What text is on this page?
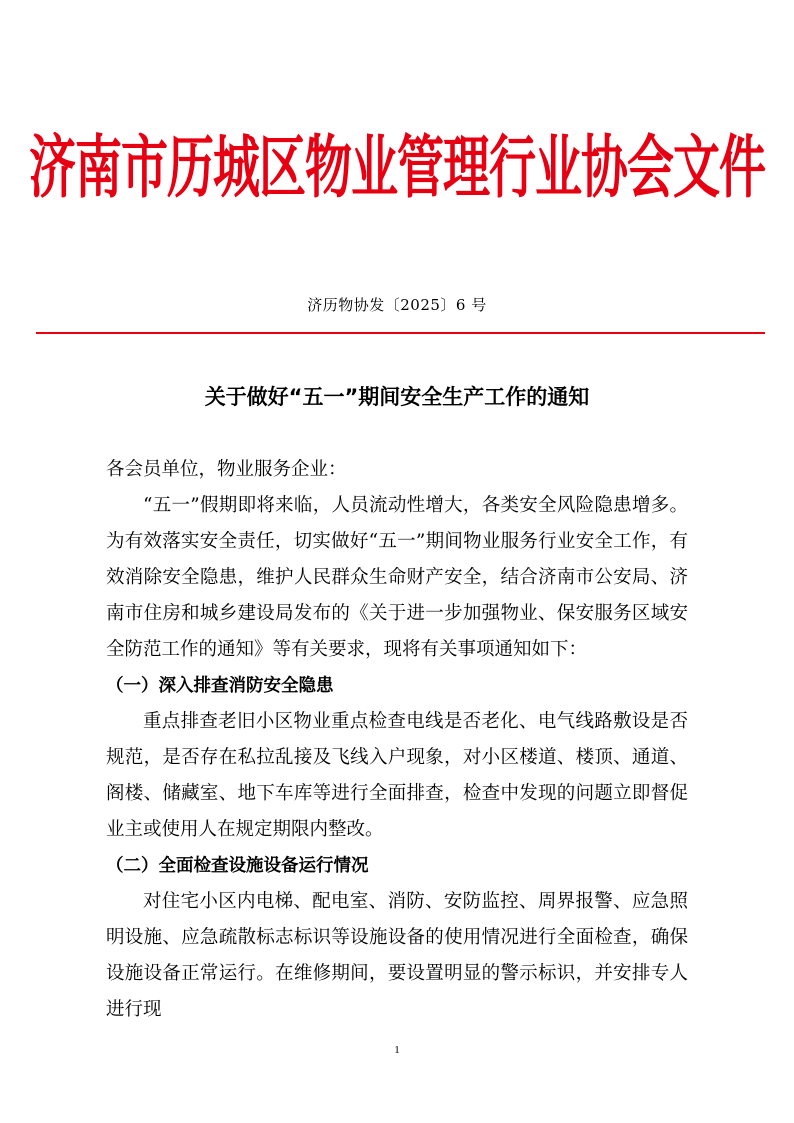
济南市历城区物业管理行业协会文件
济历物协发〔2025〕6 号
关于做好“五一”期间安全生产工作的通知

各会员单位，物业服务企业：

“五一”假期即将来临，人员流动性增大，各类安全风险隐患增多。为有效落实安全责任，切实做好“五一”期间物业服务行业安全工作，有效消除安全隐患，维护人民群众生命财产安全，结合济南市公安局、济南市住房和城乡建设局发布的《关于进一步加强物业、保安服务区域安全防范工作的通知》等有关要求，现将有关事项通知如下：

（一）深入排查消防安全隐患

重点排查老旧小区物业重点检查电线是否老化、电气线路敷设是否规范，是否存在私拉乱接及飞线入户现象，对小区楼道、楼顶、通道、阁楼、储藏室、地下车库等进行全面排查，检查中发现的问题立即督促业主或使用人在规定期限内整改。

（二）全面检查设施设备运行情况

对住宅小区内电梯、配电室、消防、安防监控、周界报警、应急照明设施、应急疏散标志标识等设施设备的使用情况进行全面检查，确保设施设备正常运行。在维修期间，要设置明显的警示标识，并安排专人进行现

1
